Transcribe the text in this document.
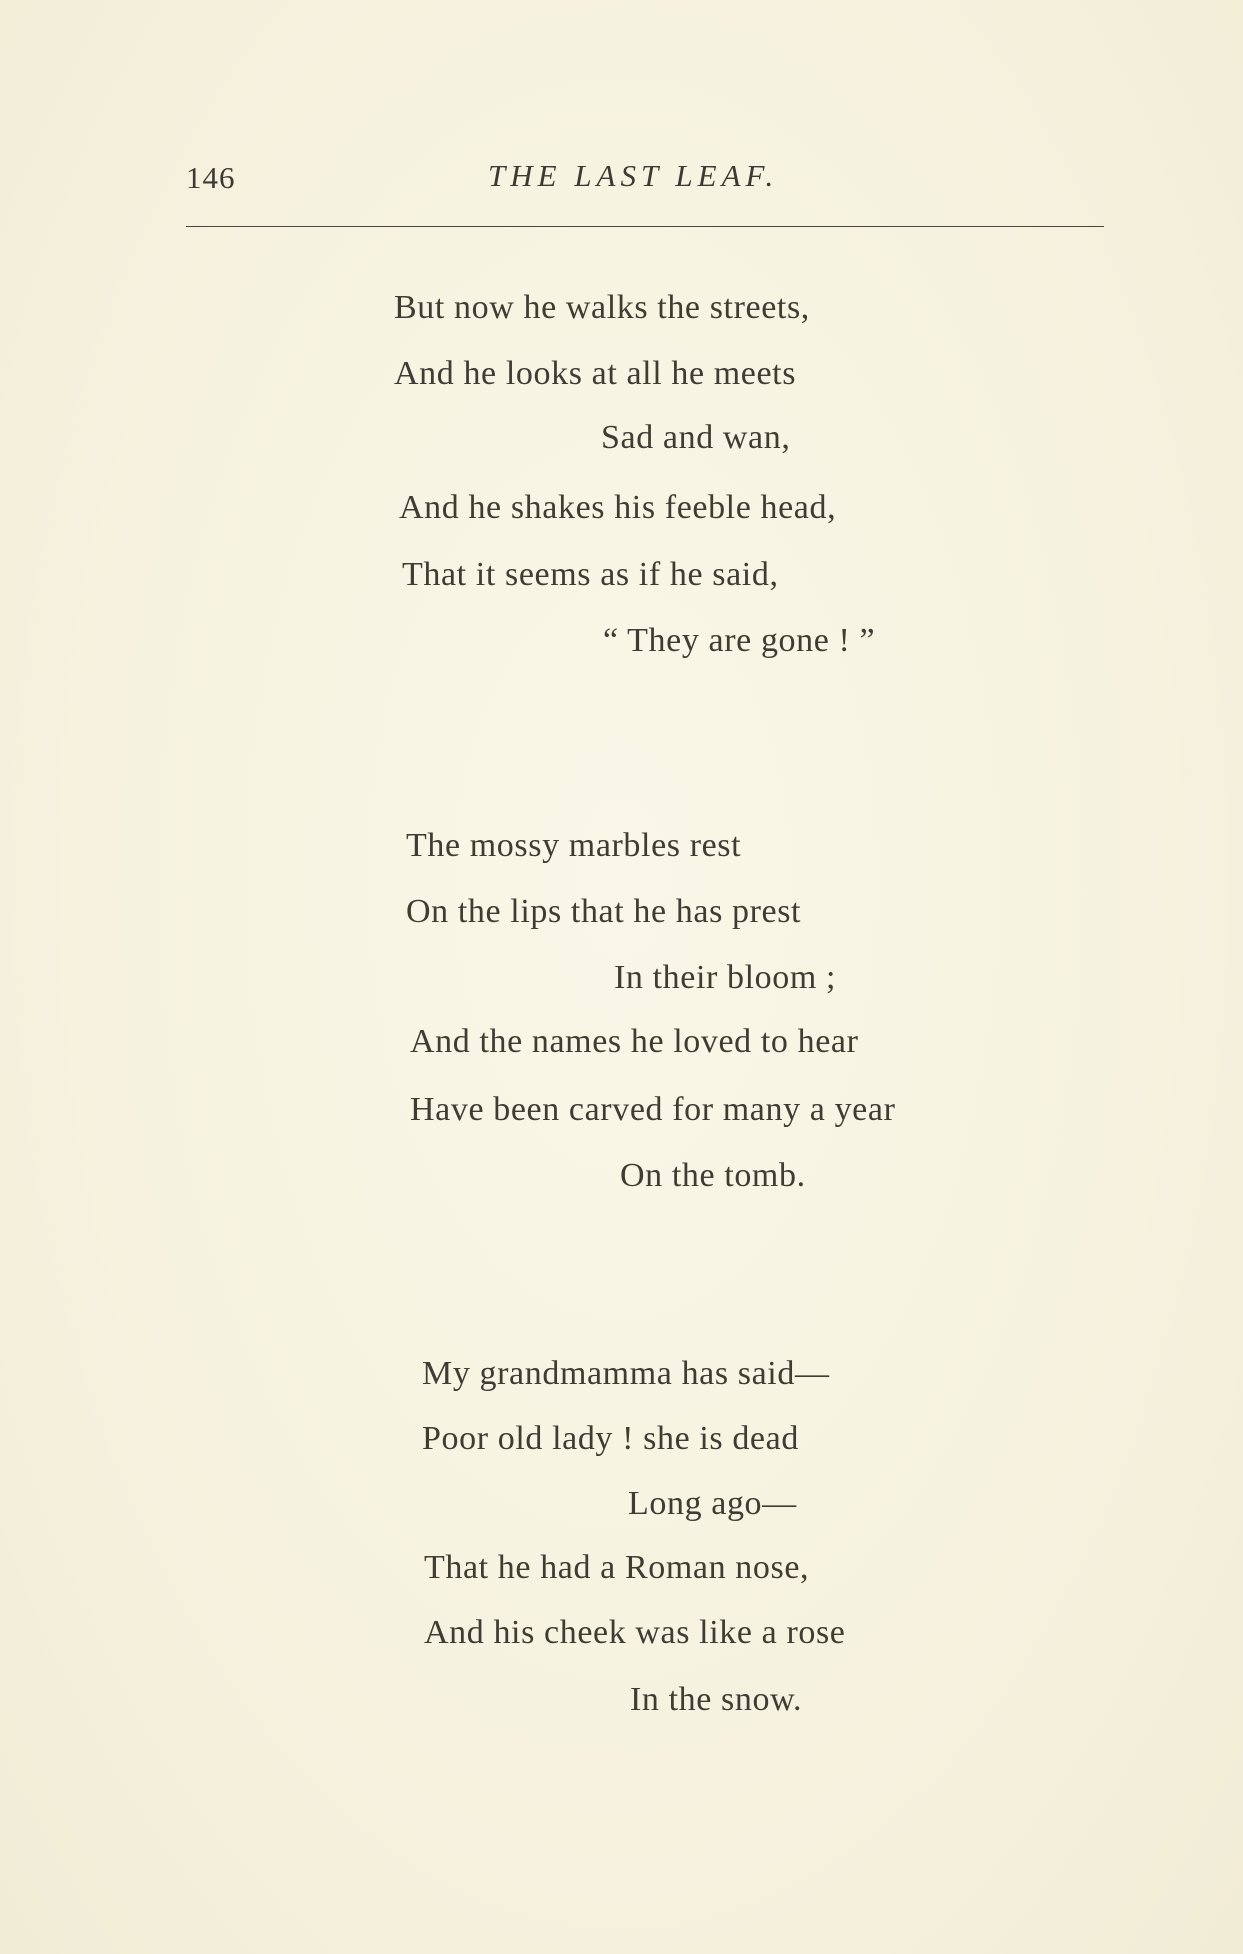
146	THE LAST LEAF.
But now he walks the streets,
And he looks at all he meets
Sad and wan,
And he shakes his feeble head,
That it seems as if he said,
“ They are gone ! ”
The mossy marbles rest
On the lips that he has prest
In their bloom ;
And the names he loved to hear
Have been carved for many a year
On the tomb.
My grandmamma has said—
Poor old lady ! she is dead
Long ago—
That he had a Roman nose,
And his cheek was like a rose
In the snow.
